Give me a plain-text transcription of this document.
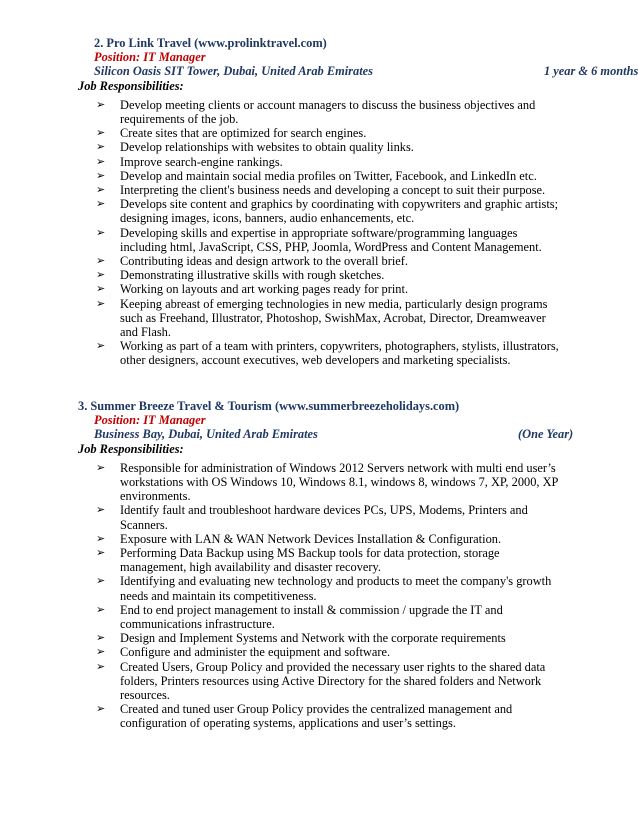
2. Pro Link Travel (www.prolinktravel.com)
Position: IT Manager
Silicon Oasis SIT Tower, Dubai, United Arab Emirates	1 year & 6 months
Job Responsibilities:
➢ Develop meeting clients or account managers to discuss the business objectives and requirements of the job.
➢ Create sites that are optimized for search engines.
➢ Develop relationships with websites to obtain quality links.
➢ Improve search-engine rankings.
➢ Develop and maintain social media profiles on Twitter, Facebook, and LinkedIn etc.
➢ Interpreting the client's business needs and developing a concept to suit their purpose.
➢ Develops site content and graphics by coordinating with copywriters and graphic artists; designing images, icons, banners, audio enhancements, etc.
➢ Developing skills and expertise in appropriate software/programming languages including html, JavaScript, CSS, PHP, Joomla, WordPress and Content Management.
➢ Contributing ideas and design artwork to the overall brief.
➢ Demonstrating illustrative skills with rough sketches.
➢ Working on layouts and art working pages ready for print.
➢ Keeping abreast of emerging technologies in new media, particularly design programs such as Freehand, Illustrator, Photoshop, SwishMax, Acrobat, Director, Dreamweaver and Flash.
➢ Working as part of a team with printers, copywriters, photographers, stylists, illustrators, other designers, account executives, web developers and marketing specialists.
3. Summer Breeze Travel & Tourism (www.summerbreezeholidays.com)
Position: IT Manager
Business Bay, Dubai, United Arab Emirates	(One Year)
Job Responsibilities:
➢ Responsible for administration of Windows 2012 Servers network with multi end user’s workstations with OS Windows 10, Windows 8.1, windows 8, windows 7, XP, 2000, XP environments.
➢ Identify fault and troubleshoot hardware devices PCs, UPS, Modems, Printers and Scanners.
➢ Exposure with LAN & WAN Network Devices Installation & Configuration.
➢ Performing Data Backup using MS Backup tools for data protection, storage management, high availability and disaster recovery.
➢ Identifying and evaluating new technology and products to meet the company's growth needs and maintain its competitiveness.
➢ End to end project management to install & commission / upgrade the IT and communications infrastructure.
➢ Design and Implement Systems and Network with the corporate requirements
➢ Configure and administer the equipment and software.
➢ Created Users, Group Policy and provided the necessary user rights to the shared data folders, Printers resources using Active Directory for the shared folders and Network resources.
➢ Created and tuned user Group Policy provides the centralized management and configuration of operating systems, applications and user’s settings.
